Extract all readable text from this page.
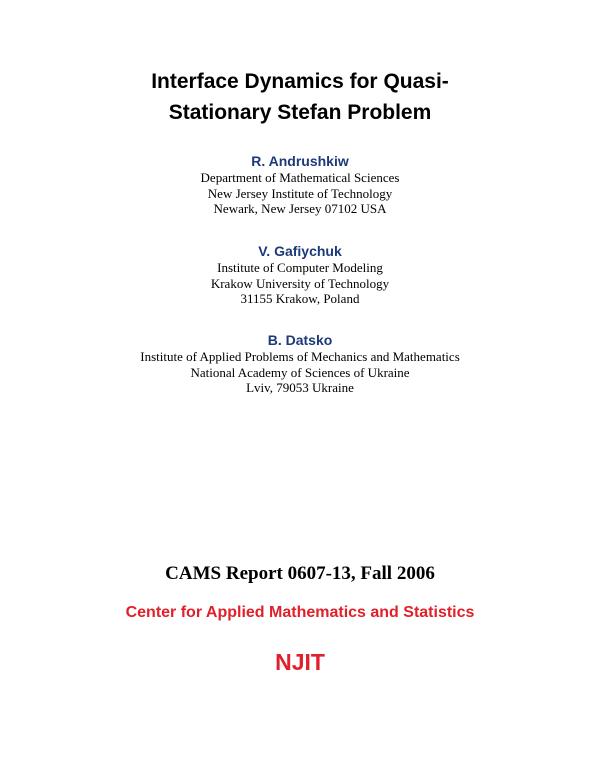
Interface Dynamics for Quasi-
Stationary Stefan Problem
R. Andrushkiw
Department of Mathematical Sciences
New Jersey Institute of Technology
Newark, New Jersey 07102 USA
V. Gafiychuk
Institute of Computer Modeling
Krakow University of Technology
31155 Krakow, Poland
B. Datsko
Institute of Applied Problems of Mechanics and Mathematics
National Academy of Sciences of Ukraine
Lviv, 79053 Ukraine
CAMS Report 0607-13, Fall 2006
Center for Applied Mathematics and Statistics
NJIT
